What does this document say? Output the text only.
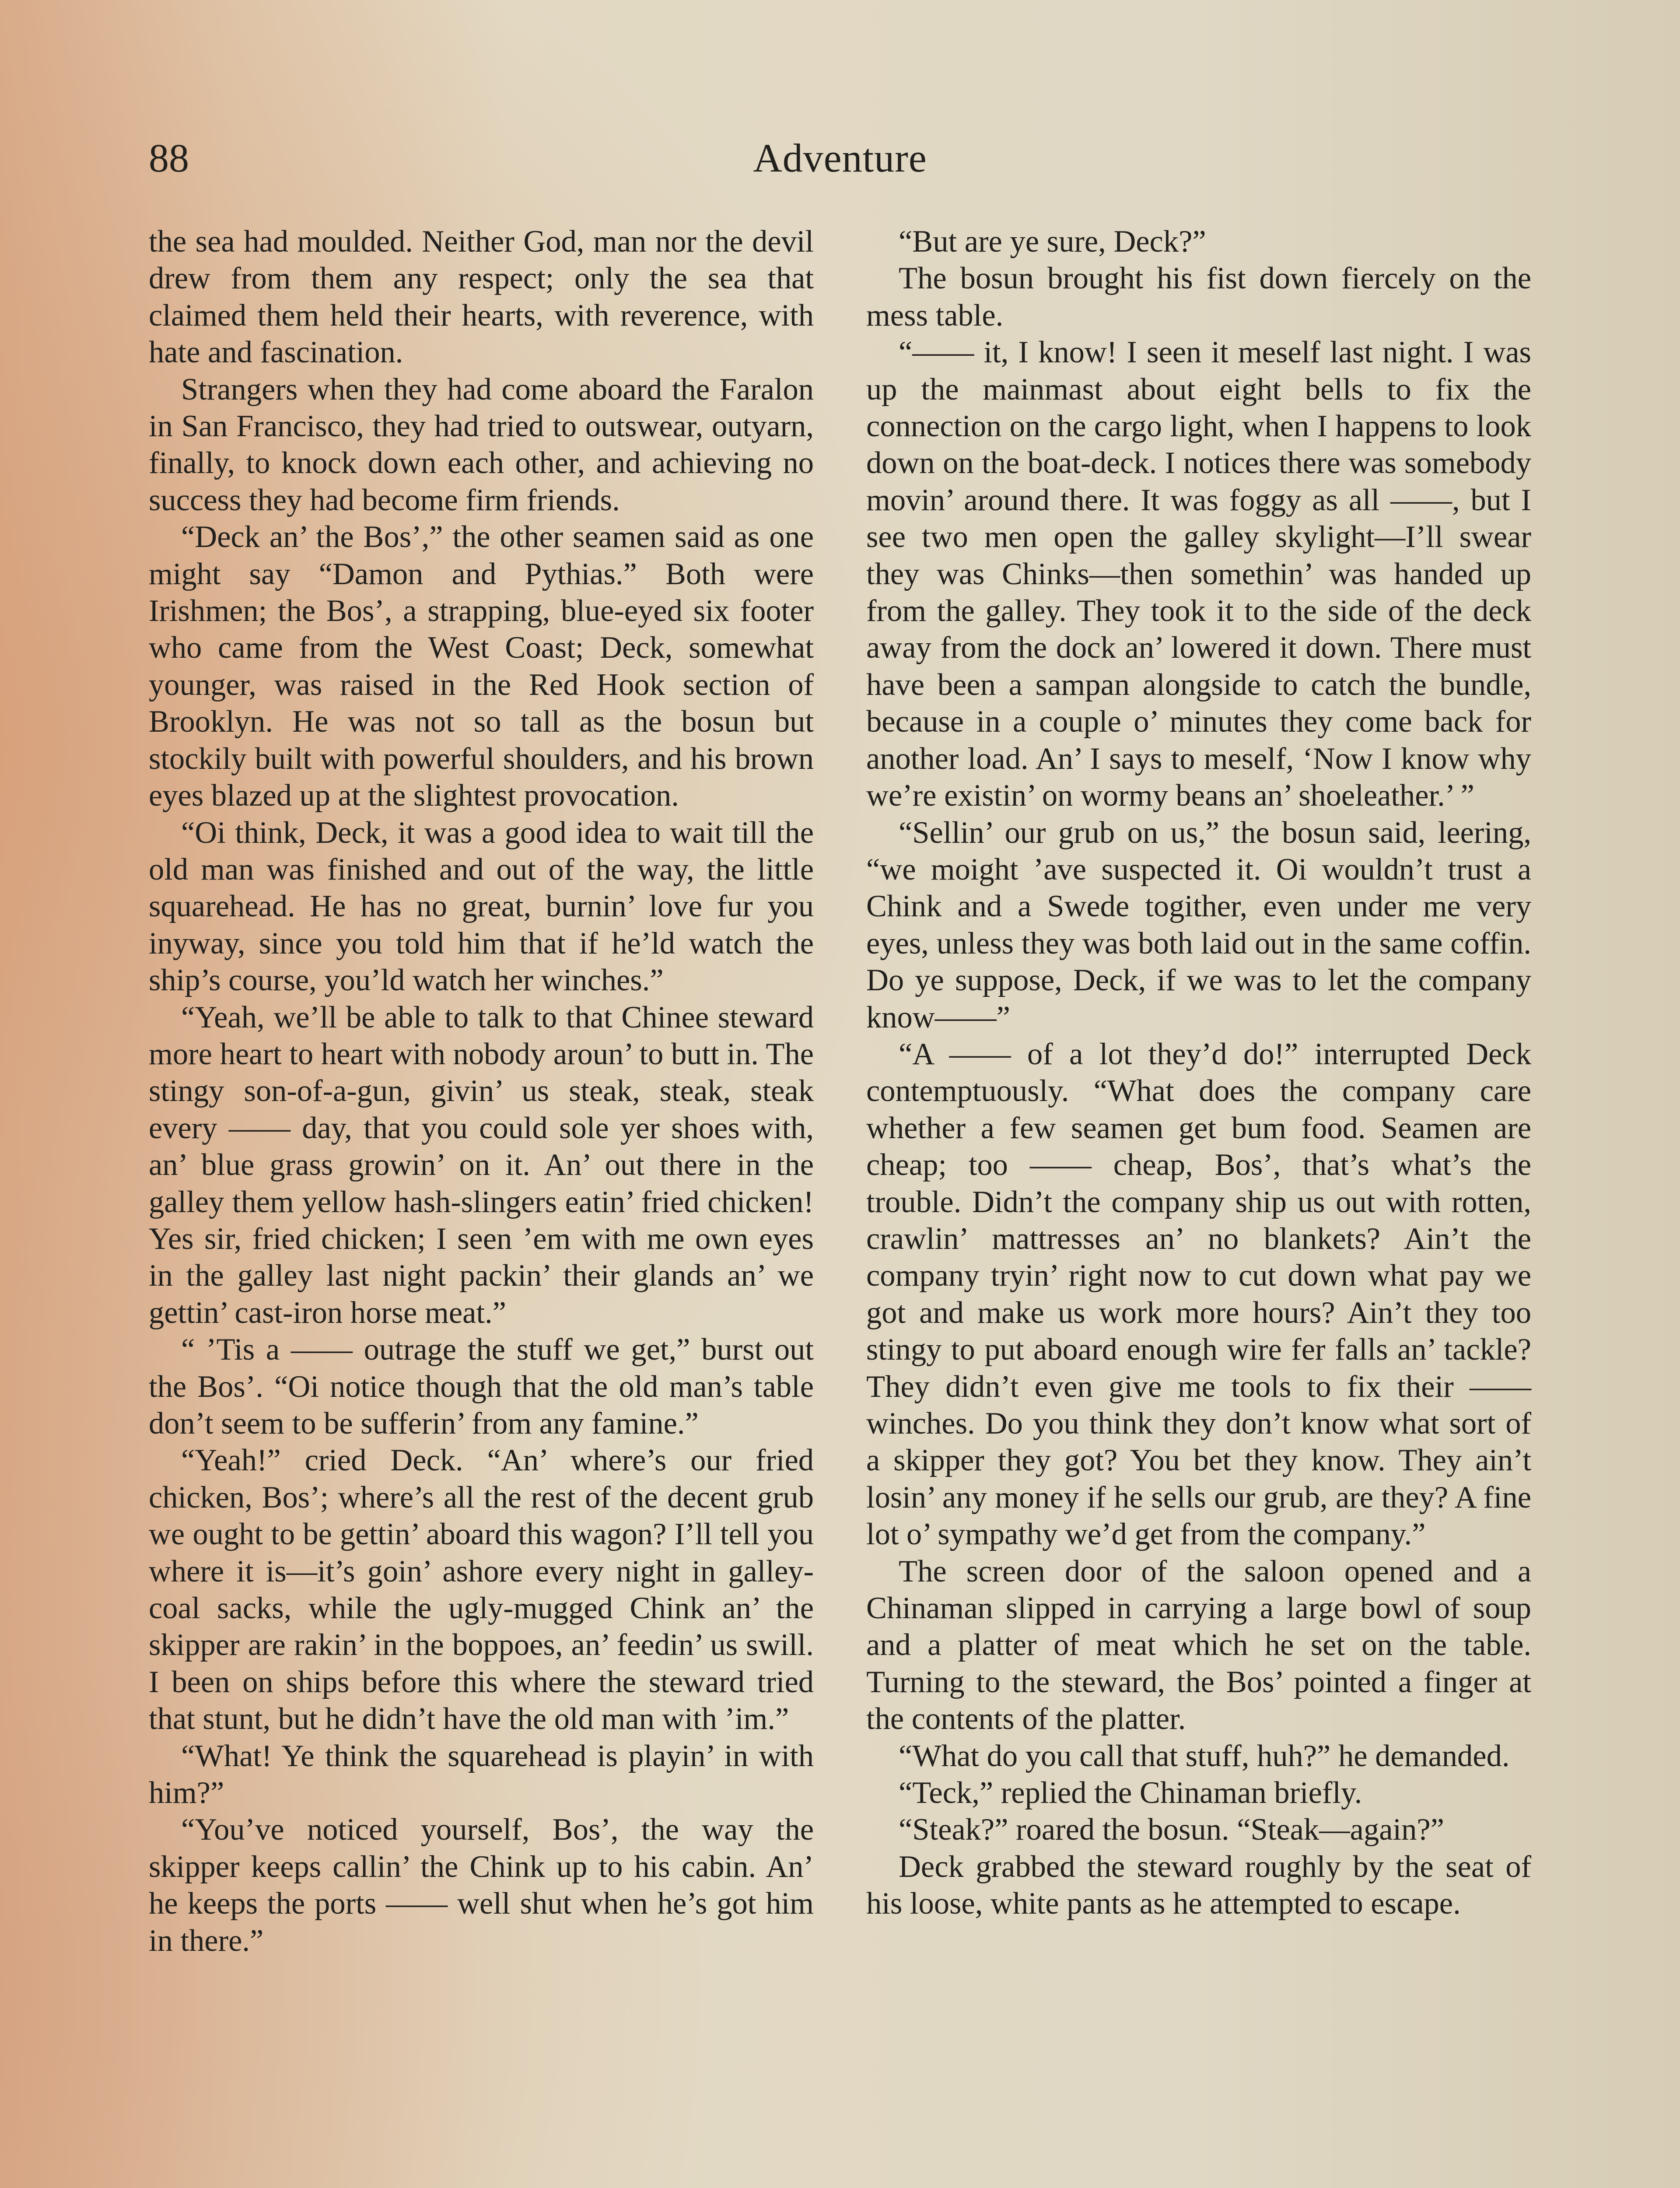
88	Adventure

the sea had moulded. Neither God, man nor the devil drew from them any respect; only the sea that claimed them held their hearts, with reverence, with hate and fascination.

Strangers when they had come aboard the Faralon in San Francisco, they had tried to outswear, outyarn, finally, to knock down each other, and achieving no success they had become firm friends.

“Deck an’ the Bos’,” the other seamen said as one might say “Damon and Pythias.” Both were Irishmen; the Bos’, a strapping, blue-eyed six footer who came from the West Coast; Deck, somewhat younger, was raised in the Red Hook section of Brooklyn. He was not so tall as the bosun but stockily built with powerful shoulders, and his brown eyes blazed up at the slightest provocation.

“Oi think, Deck, it was a good idea to wait till the old man was finished and out of the way, the little squarehead. He has no great, burnin’ love fur you inyway, since you told him that if he’ld watch the ship’s course, you’ld watch her winches.”

“Yeah, we’ll be able to talk to that Chinee steward more heart to heart with nobody aroun’ to butt in. The stingy son-of-a-gun, givin’ us steak, steak, steak every —— day, that you could sole yer shoes with, an’ blue grass growin’ on it. An’ out there in the galley them yellow hash-slingers eatin’ fried chicken! Yes sir, fried chicken; I seen ’em with me own eyes in the galley last night packin’ their glands an’ we gettin’ cast-iron horse meat.”

“ ’Tis a —— outrage the stuff we get,” burst out the Bos’. “Oi notice though that the old man’s table don’t seem to be sufferin’ from any famine.”

“Yeah!” cried Deck. “An’ where’s our fried chicken, Bos’; where’s all the rest of the decent grub we ought to be gettin’ aboard this wagon? I’ll tell you where it is—it’s goin’ ashore every night in galley-coal sacks, while the ugly-mugged Chink an’ the skipper are rakin’ in the boppoes, an’ feedin’ us swill. I been on ships before this where the steward tried that stunt, but he didn’t have the old man with ’im.”

“What! Ye think the squarehead is playin’ in with him?”

“You’ve noticed yourself, Bos’, the way the skipper keeps callin’ the Chink up to his cabin. An’ he keeps the ports —— well shut when he’s got him in there.”

“But are ye sure, Deck?”

The bosun brought his fist down fiercely on the mess table.

“—— it, I know! I seen it meself last night. I was up the mainmast about eight bells to fix the connection on the cargo light, when I happens to look down on the boat-deck. I notices there was somebody movin’ around there. It was foggy as all ——, but I see two men open the galley skylight—I’ll swear they was Chinks—then somethin’ was handed up from the galley. They took it to the side of the deck away from the dock an’ lowered it down. There must have been a sampan alongside to catch the bundle, because in a couple o’ minutes they come back for another load. An’ I says to meself, ‘Now I know why we’re existin’ on wormy beans an’ shoeleather.’ ”

“Sellin’ our grub on us,” the bosun said, leering, “we moight ’ave suspected it. Oi wouldn’t trust a Chink and a Swede togither, even under me very eyes, unless they was both laid out in the same coffin. Do ye suppose, Deck, if we was to let the company know——”

“A —— of a lot they’d do!” interrupted Deck contemptuously. “What does the company care whether a few seamen get bum food. Seamen are cheap; too —— cheap, Bos’, that’s what’s the trouble. Didn’t the company ship us out with rotten, crawlin’ mattresses an’ no blankets? Ain’t the company tryin’ right now to cut down what pay we got and make us work more hours? Ain’t they too stingy to put aboard enough wire fer falls an’ tackle? They didn’t even give me tools to fix their —— winches. Do you think they don’t know what sort of a skipper they got? You bet they know. They ain’t losin’ any money if he sells our grub, are they? A fine lot o’ sympathy we’d get from the company.”

The screen door of the saloon opened and a Chinaman slipped in carrying a large bowl of soup and a platter of meat which he set on the table. Turning to the steward, the Bos’ pointed a finger at the contents of the platter.

“What do you call that stuff, huh?” he demanded.

“Teck,” replied the Chinaman briefly.

“Steak?” roared the bosun. “Steak—again?”

Deck grabbed the steward roughly by the seat of his loose, white pants as he attempted to escape.
